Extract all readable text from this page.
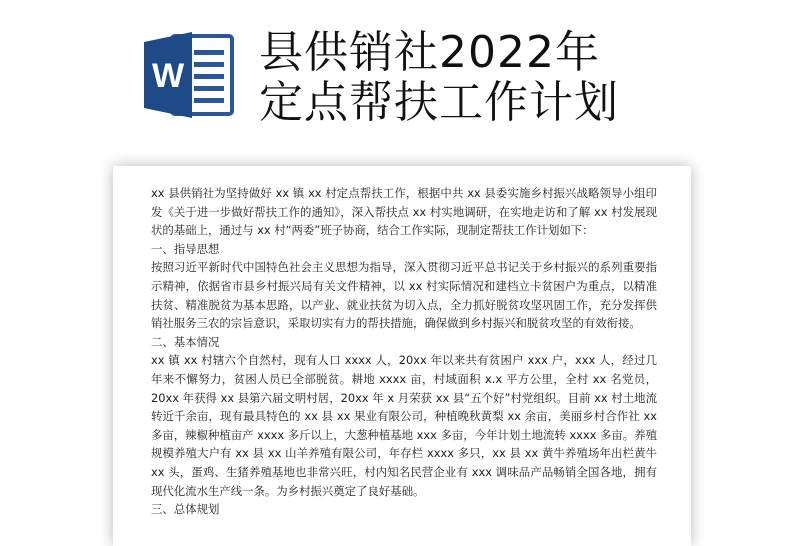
W 县供销社2022年
定点帮扶工作计划

xx 县供销社为坚持做好 xx 镇 xx 村定点帮扶工作，根据中共 xx 县委实施乡村振兴战略领导小组印发《关于进一步做好帮扶工作的通知》，深入帮扶点 xx 村实地调研，在实地走访和了解 xx 村发展现状的基础上，通过与 xx 村“两委”班子协商，结合工作实际，现制定帮扶工作计划如下：

一、指导思想

按照习近平新时代中国特色社会主义思想为指导，深入贯彻习近平总书记关于乡村振兴的系列重要指示精神，依据省市县乡村振兴局有关文件精神，以 xx 村实际情况和建档立卡贫困户为重点，以精准扶贫、精准脱贫为基本思路，以产业、就业扶贫为切入点，全力抓好脱贫攻坚巩固工作，充分发挥供销社服务三农的宗旨意识，采取切实有力的帮扶措施，确保做到乡村振兴和脱贫攻坚的有效衔接。

二、基本情况

xx 镇 xx 村辖六个自然村，现有人口 xxxx 人，20xx 年以来共有贫困户 xxx 户，xxx 人，经过几年来不懈努力，贫困人员已全部脱贫。耕地 xxxx 亩，村域面积 x.x 平方公里，全村 xx 名党员，20xx 年获得 xx 县第六届文明村居，20xx 年 x 月荣获 xx 县“五个好”村党组织。目前 xx 村土地流转近千余亩，现有最具特色的 xx 县 xx 果业有限公司，种植晚秋黄梨 xx 余亩，美丽乡村合作社 xx 多亩，辣椒种植亩产 xxxx 多斤以上，大葱种植基地 xxx 多亩，今年计划土地流转 xxxx 多亩。养殖规模养殖大户有 xx 县 xx 山羊养殖有限公司，年存栏 xxxx 多只，xx 县 xx 黄牛养殖场年出栏黄牛 xx 头，蛋鸡、生猪养殖基地也非常兴旺，村内知名民营企业有 xxx 调味品产品畅销全国各地，拥有现代化流水生产线一条。为乡村振兴奠定了良好基础。

三、总体规划
